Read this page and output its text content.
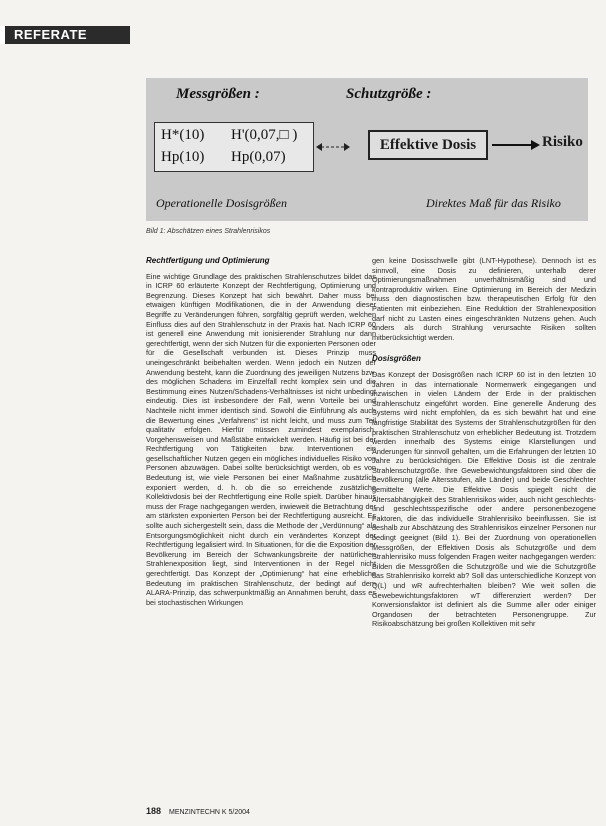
REFERATE
Messgrößen :	Schutzgröße :
H*(10) H'(0,07,□ )
Hp(10) Hp(0,07)
Effektive Dosis	Risiko
Operationelle Dosisgrößen	Direktes Maß für das Risiko
Bild 1: Abschätzen eines Strahlenrisikos
Rechtfertigung und Optimierung

Eine wichtige Grundlage des praktischen Strahlenschutzes bildet das in ICRP 60 erläuterte Konzept der Rechtfertigung, Optimierung und Begrenzung. Dieses Konzept hat sich bewährt. Daher muss bei etwaigen künftigen Modifikationen, die in der Anwendung dieser Begriffe zu Veränderungen führen, sorgfältig geprüft werden, welchen Einfluss dies auf den Strahlenschutz in der Praxis hat. Nach ICRP 60 ist generell eine Anwendung mit ionisierender Strahlung nur dann gerechtfertigt, wenn der sich Nutzen für die exponierten Personen oder für die Gesellschaft verbunden ist. Dieses Prinzip muss uneingeschränkt beibehalten werden. Wenn jedoch ein Nutzen der Anwendung besteht, kann die Zuordnung des jeweiligen Nutzens bzw. des möglichen Schadens im Einzelfall recht komplex sein und die Bestimmung eines Nutzen/Schadens-Verhältnisses ist nicht unbedingt eindeutig. Dies ist insbesondere der Fall, wenn Vorteile bei und Nachteile nicht immer identisch sind. Sowohl die Einführung als auch die Bewertung eines „Verfahrens“ ist nicht leicht, und muss zum Teil qualitativ erfolgen. Hierfür müssen zumindest exemplarisch, Vorgehensweisen und Maßstäbe entwickelt werden. Häufig ist bei der Rechtfertigung von Tätigkeiten bzw. Interventionen ein gesellschaftlicher Nutzen gegen ein mögliches individuelles Risiko von Personen abzuwägen. Dabei sollte berücksichtigt werden, ob es von Bedeutung ist, wie viele Personen bei einer Maßnahme zusätzlich exponiert werden, d. h. ob die so erreichende zusätzliche Kollektivdosis bei der Rechtfertigung eine Rolle spielt. Darüber hinaus muss der Frage nachgegangen werden, inwieweit die Betrachtung der am stärksten exponierten Person bei der Rechtfertigung ausreicht. Es sollte auch sichergestellt sein, dass die Methode der „Verdünnung“ als Entsorgungsmöglichkeit nicht durch ein verändertes Konzept der Rechtfertigung legalisiert wird. In Situationen, für die die Exposition der Bevölkerung im Bereich der Schwankungsbreite der natürlichen Strahlenexposition liegt, sind Interventionen in der Regel nicht gerechtfertigt. Das Konzept der „Optimierung“ hat eine erhebliche Bedeutung im praktischen Strahlenschutz, der bedingt auf dem ALARA-Prinzip, das schwerpunktmäßig an Annahmen beruht, dass es bei stochastischen Wirkungen

gen keine Dosisschwelle gibt (LNT-Hypothese). Dennoch ist es sinnvoll, eine Dosis zu definieren, unterhalb derer Optimierungsmaßnahmen unverhältnismäßig sind und kontraproduktiv wirken. Eine Optimierung im Bereich der Medizin muss den diagnostischen bzw. therapeutischen Erfolg für den Patienten mit einbeziehen. Eine Reduktion der Strahlenexposition darf nicht zu Lasten eines eingeschränkten Nutzens gehen. Auch anders als durch Strahlung verursachte Risiken sollten mitberücksichtigt werden.

Dosisgrößen

Das Konzept der Dosisgrößen nach ICRP 60 ist in den letzten 10 Jahren in das internationale Normenwerk eingegangen und inzwischen in vielen Ländern der Erde in der praktischen Strahlenschutz eingeführt worden. Eine generelle Änderung des Systems wird nicht empfohlen, da es sich bewährt hat und eine langfristige Stabilität des Systems der Strahlenschutzgrößen für den praktischen Strahlenschutz von erheblicher Bedeutung ist. Trotzdem werden innerhalb des Systems einige Klarstellungen und Änderungen für sinnvoll gehalten, um die Erfahrungen der letzten 10 Jahre zu berücksichtigen. Die Effektive Dosis ist die zentrale Strahlenschutzgröße. Ihre Gewebewichtungsfaktoren sind über die Bevölkerung (alle Altersstufen, alle Länder) und beide Geschlechter gemittelte Werte. Die Effektive Dosis spiegelt nicht die Altersabhängigkeit des Strahlenrisikos wider, auch nicht geschlechts- und geschlechtsspezifische oder andere personenbezogene Faktoren, die das individuelle Strahlenrisiko beeinflussen. Sie ist deshalb zur Abschätzung des Strahlenrisikos einzelner Personen nur bedingt geeignet (Bild 1). Bei der Zuordnung von operationellen Messgrößen, der Effektiven Dosis als Schutzgröße und dem Strahlenrisiko muss folgenden Fragen weiter nachgegangen werden: Bilden die Messgrößen die Schutzgröße und wie die Schutzgröße das Strahlenrisiko korrekt ab? Soll das unterschiedliche Konzept von Q(L) und wR aufrechterhalten bleiben? Wie weit sollen die Gewebewichtungsfaktoren wT differenziert werden? Der Konversionsfaktor ist definiert als die Summe aller oder einiger Organdosen der betrachteten Personengruppe. Zur Risikoabschätzung bei großen Kollektiven mit sehr

188 MENZINTECHN K 5/2004
